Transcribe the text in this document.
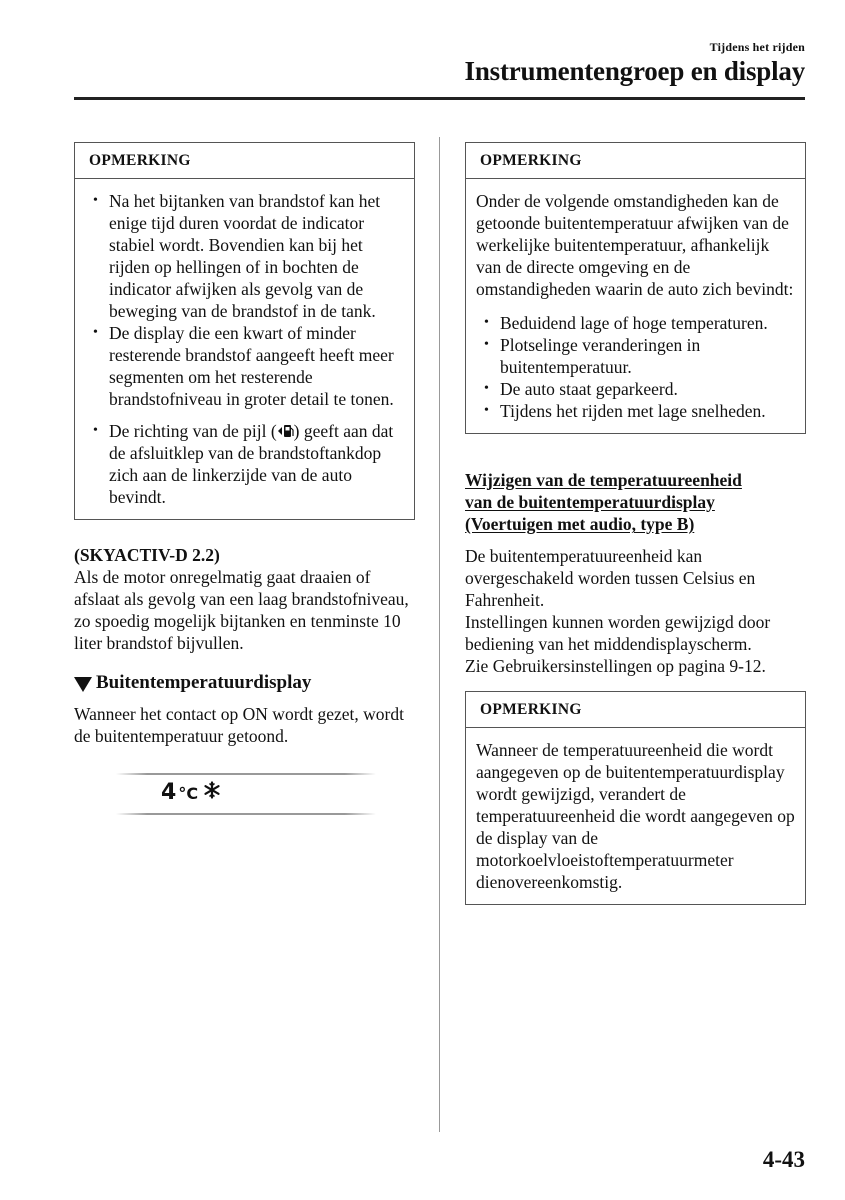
Tijdens het rijden
Instrumentengroep en display
OPMERKING
• Na het bijtanken van brandstof kan het enige tijd duren voordat de indicator stabiel wordt. Bovendien kan bij het rijden op hellingen of in bochten de indicator afwijken als gevolg van de beweging van de brandstof in de tank.
• De display die een kwart of minder resterende brandstof aangeeft heeft meer segmenten om het resterende brandstofniveau in groter detail te tonen.
• De richting van de pijl ( ) geeft aan dat de afsluitklep van de brandstoftankdop zich aan de linkerzijde van de auto bevindt.
(SKYACTIV-D 2.2)

Als de motor onregelmatig gaat draaien of afslaat als gevolg van een laag brandstofniveau, zo spoedig mogelijk bijtanken en tenminste 10 liter brandstof bijvullen.

Buitentemperatuurdisplay

Wanneer het contact op ON wordt gezet, wordt de buitentemperatuur getoond.

4 °C
OPMERKING

Onder de volgende omstandigheden kan de getoonde buitentemperatuur afwijken van de werkelijke buitentemperatuur, afhankelijk van de directe omgeving en de omstandigheden waarin de auto zich bevindt:

• Beduidend lage of hoge temperaturen.
• Plotselinge veranderingen in buitentemperatuur.
• De auto staat geparkeerd.
• Tijdens het rijden met lage snelheden.
Wijzigen van de temperatuureenheid
van de buitentemperatuurdisplay
(Voertuigen met audio, type B)

De buitentemperatuureenheid kan overgeschakeld worden tussen Celsius en Fahrenheit.

Instellingen kunnen worden gewijzigd door bediening van het middendisplayscherm.

Zie Gebruikersinstellingen op pagina 9-12.

OPMERKING

Wanneer de temperatuureenheid die wordt aangegeven op de buitentemperatuurdisplay wordt gewijzigd, verandert de temperatuureenheid die wordt aangegeven op de display van de motorkoelvloeistoftemperatuurmeter dienovereenkomstig.

4-43
